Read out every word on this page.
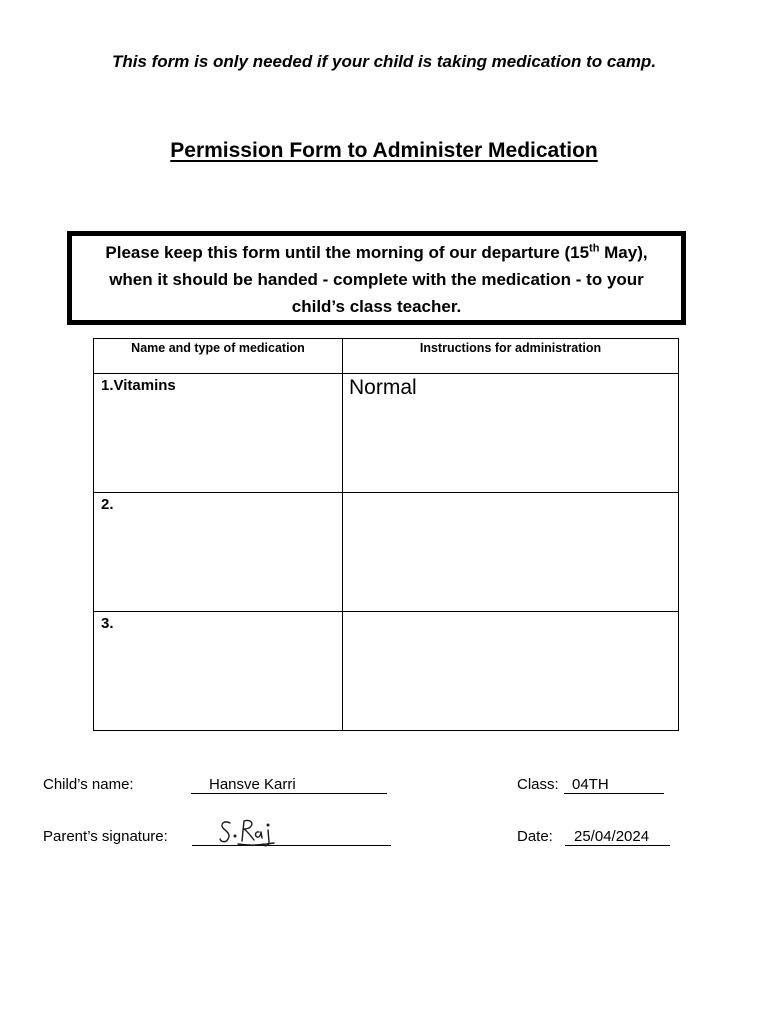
This form is only needed if your child is taking medication to camp.
Permission Form to Administer Medication
Please keep this form until the morning of our departure (15th May), when it should be handed - complete with the medication - to your child’s class teacher.
Name and type of medication	Instructions for administration

1.Vitamins	Normal

2.	

3.	

Child’s name:	Hansve Karri	Class: 04TH
Parent’s signature:	Date: 25/04/2024
